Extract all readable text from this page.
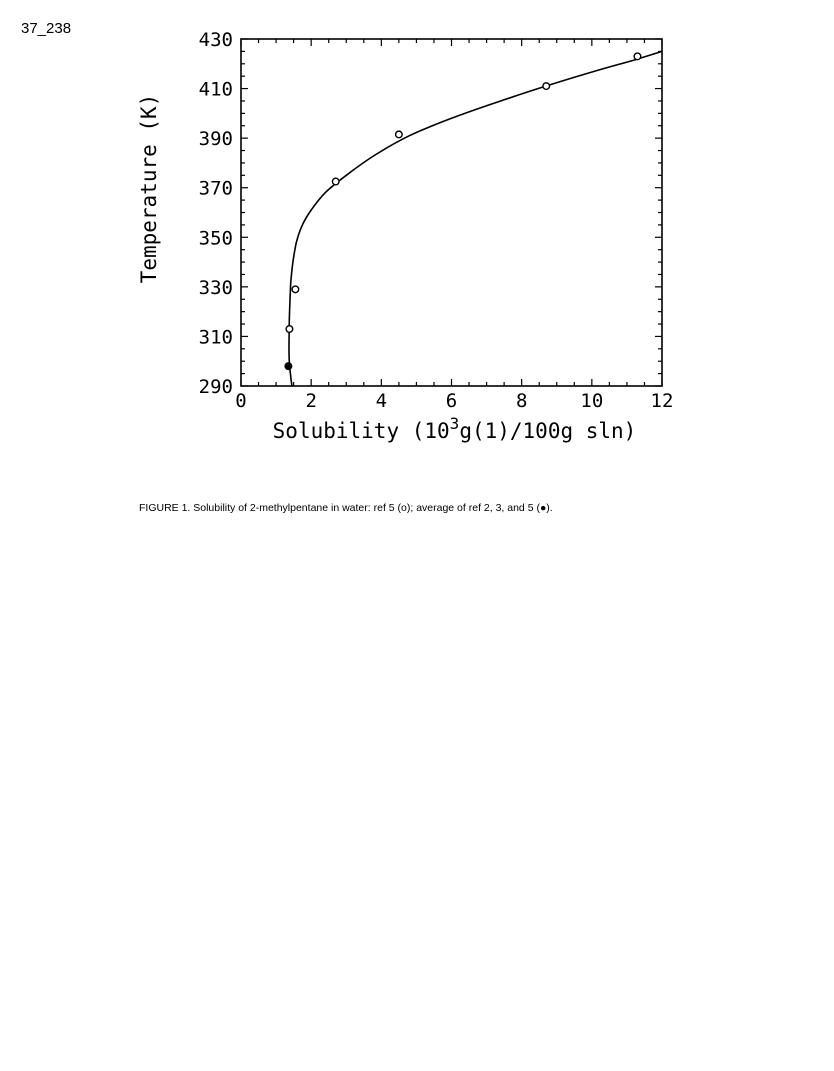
37_238
0	2	4	6	8	10 12
290
310
330
350
370
390
410
430
Solubility ($10^3g(1)/100g$ sln)
Temperature (K)
FIGURE 1. Solubility of 2-methylpentane in water: ref 5 (o); average of ref 2, 3, and 5 (●).
